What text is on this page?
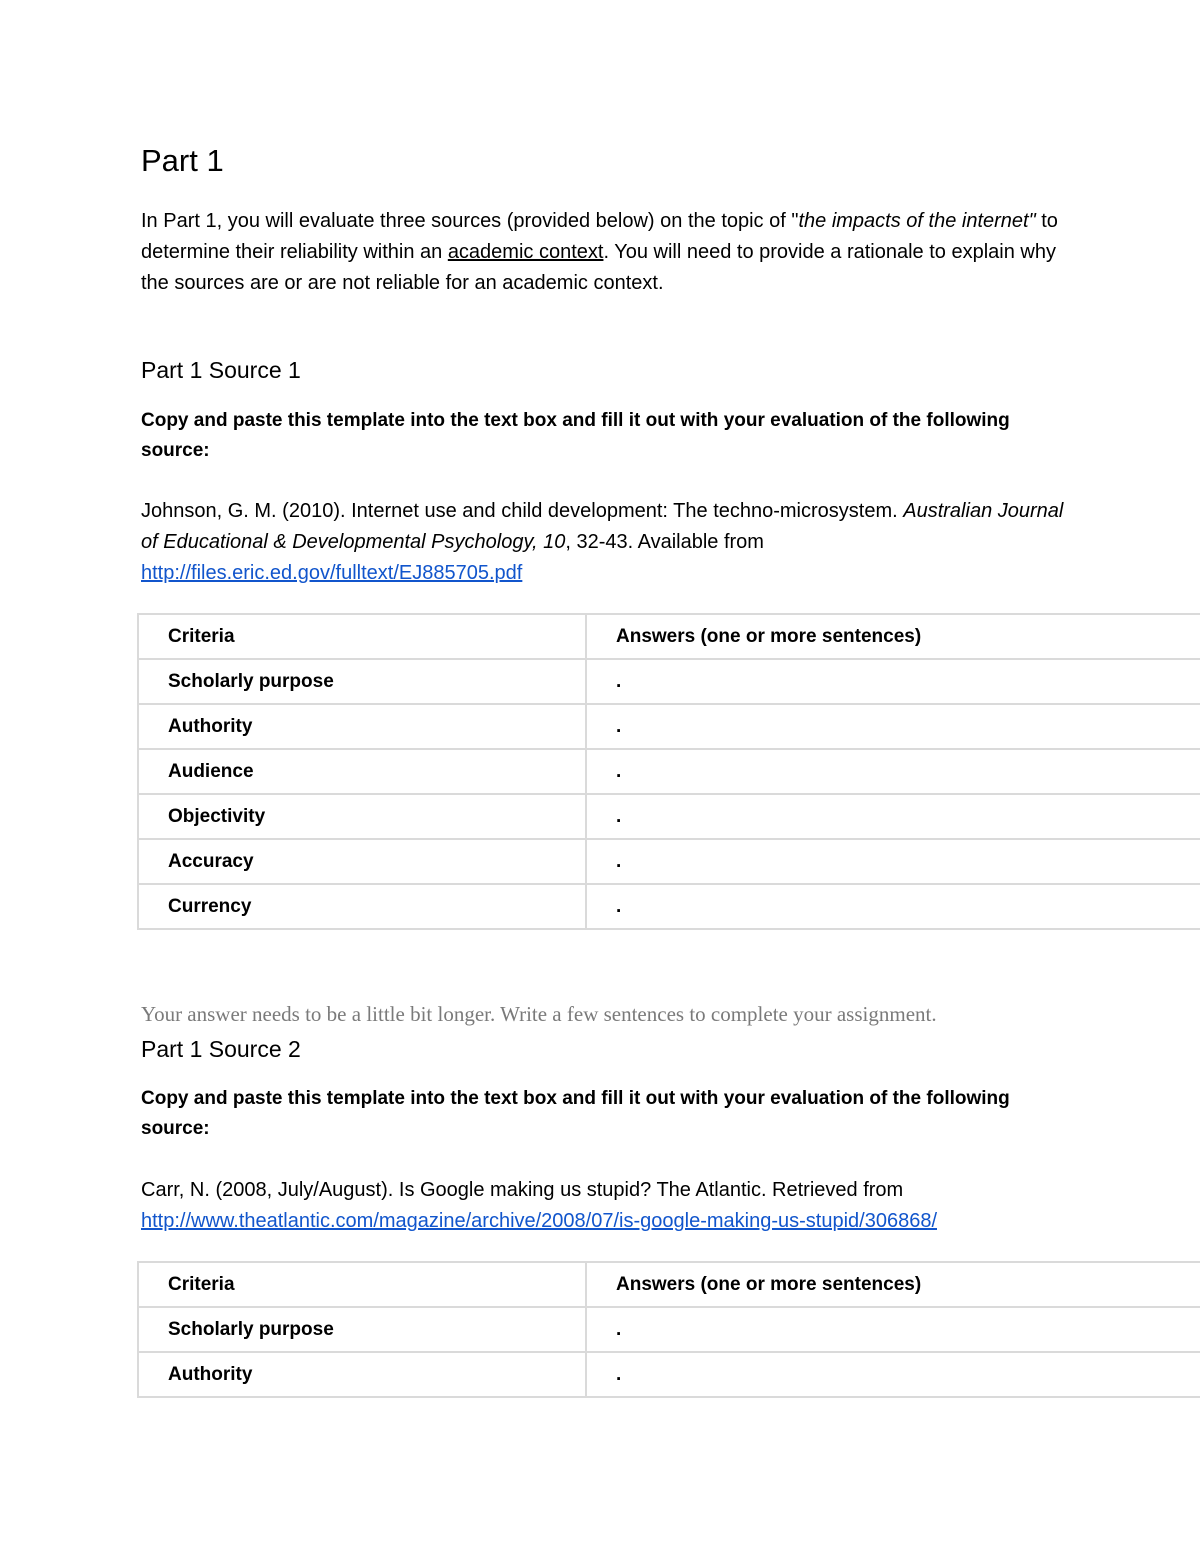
Part 1
In Part 1, you will evaluate three sources (provided below) on the topic of "the impacts of the internet" to determine their reliability within an academic context. You will need to provide a rationale to explain why the sources are or are not reliable for an academic context.
Part 1 Source 1
Copy and paste this template into the text box and fill it out with your evaluation of the following source:
Johnson, G. M. (2010). Internet use and child development: The techno-microsystem. Australian Journal of Educational & Developmental Psychology, 10, 32-43. Available from
http://files.eric.ed.gov/fulltext/EJ885705.pdf
Criteria	Answers (one or more sentences)
Scholarly purpose	.
Authority	.
Audience	.
Objectivity	.
Accuracy	.
Currency	.
Your answer needs to be a little bit longer. Write a few sentences to complete your assignment.
Part 1 Source 2
Copy and paste this template into the text box and fill it out with your evaluation of the following source:
Carr, N. (2008, July/August). Is Google making us stupid? The Atlantic. Retrieved from
http://www.theatlantic.com/magazine/archive/2008/07/is-google-making-us-stupid/306868/
Criteria	Answers (one or more sentences)
Scholarly purpose	.
Authority	.
